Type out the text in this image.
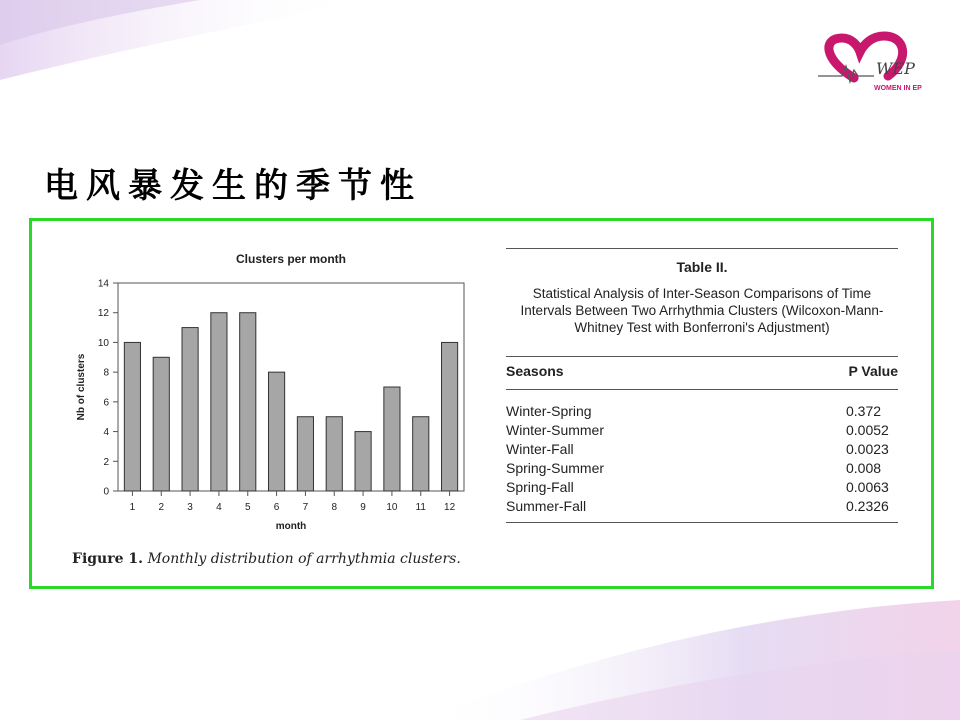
WEP
WOMEN IN EP
电风暴发生的季节性
Clusters per month
0
2
4
6
8
10
12
14
1 2 3 4 5 6 7 8 9 10 11 12
month
Nb of clusters
Figure 1. Monthly distribution of arrhythmia clusters.
Table II.
Statistical Analysis of Inter-Season Comparisons of Time Intervals Between Two Arrhythmia Clusters (Wilcoxon-Mann-Whitney Test with Bonferroni's Adjustment)
Seasons	P Value
Winter-Spring	0.372
Winter-Summer	0.0052
Winter-Fall	0.0023
Spring-Summer	0.008
Spring-Fall	0.0063
Summer-Fall	0.2326
